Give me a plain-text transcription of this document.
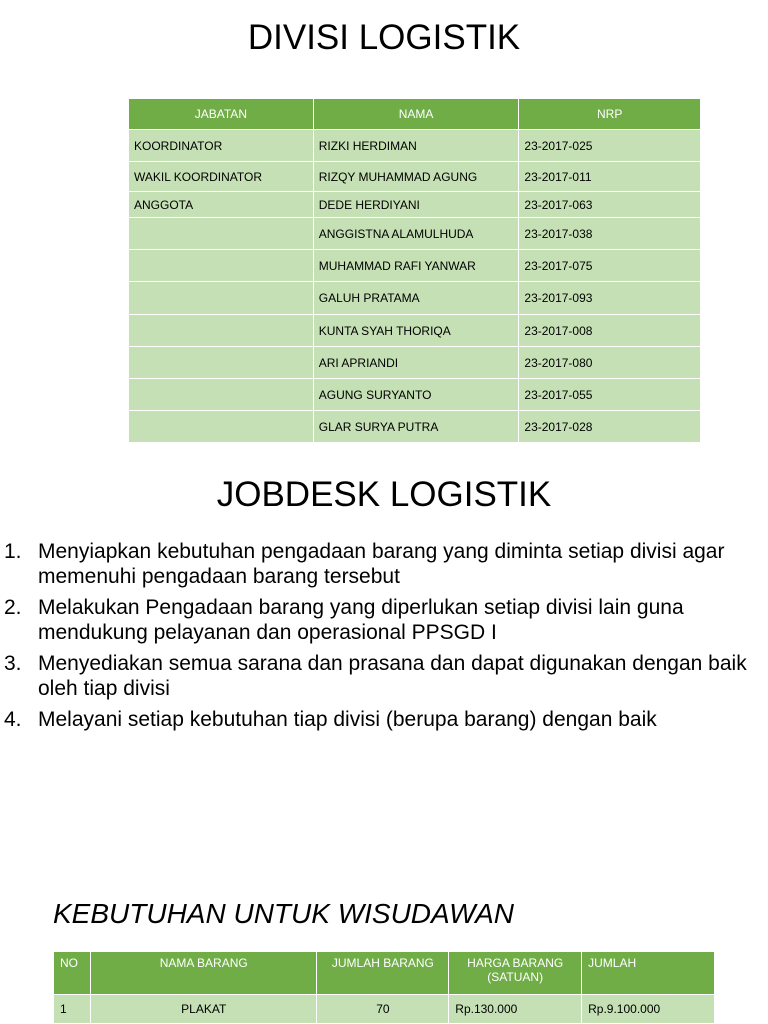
DIVISI LOGISTIK
JABATAN	NAMA	NRP
KOORDINATOR	RIZKI HERDIMAN	23-2017-025
WAKIL KOORDINATOR	RIZQY MUHAMMAD AGUNG	23-2017-011
ANGGOTA	DEDE HERDIYANI	23-2017-063
	ANGGISTNA ALAMULHUDA	23-2017-038
	MUHAMMAD RAFI YANWAR	23-2017-075
	GALUH PRATAMA	23-2017-093
	KUNTA SYAH THORIQA	23-2017-008
	ARI APRIANDI	23-2017-080
	AGUNG SURYANTO	23-2017-055
	GLAR SURYA PUTRA	23-2017-028
JOBDESK LOGISTIK
1. Menyiapkan kebutuhan pengadaan barang yang diminta setiap divisi agar memenuhi pengadaan barang tersebut
2. Melakukan Pengadaan barang yang diperlukan setiap divisi lain guna mendukung pelayanan dan operasional PPSGD I
3. Menyediakan semua sarana dan prasana dan dapat digunakan dengan baik oleh tiap divisi
4. Melayani setiap kebutuhan tiap divisi (berupa barang) dengan baik
KEBUTUHAN UNTUK WISUDAWAN
NO	NAMA BARANG	JUMLAH BARANG	HARGA BARANG (SATUAN)	JUMLAH
1	PLAKAT	70	Rp.130.000	Rp.9.100.000
